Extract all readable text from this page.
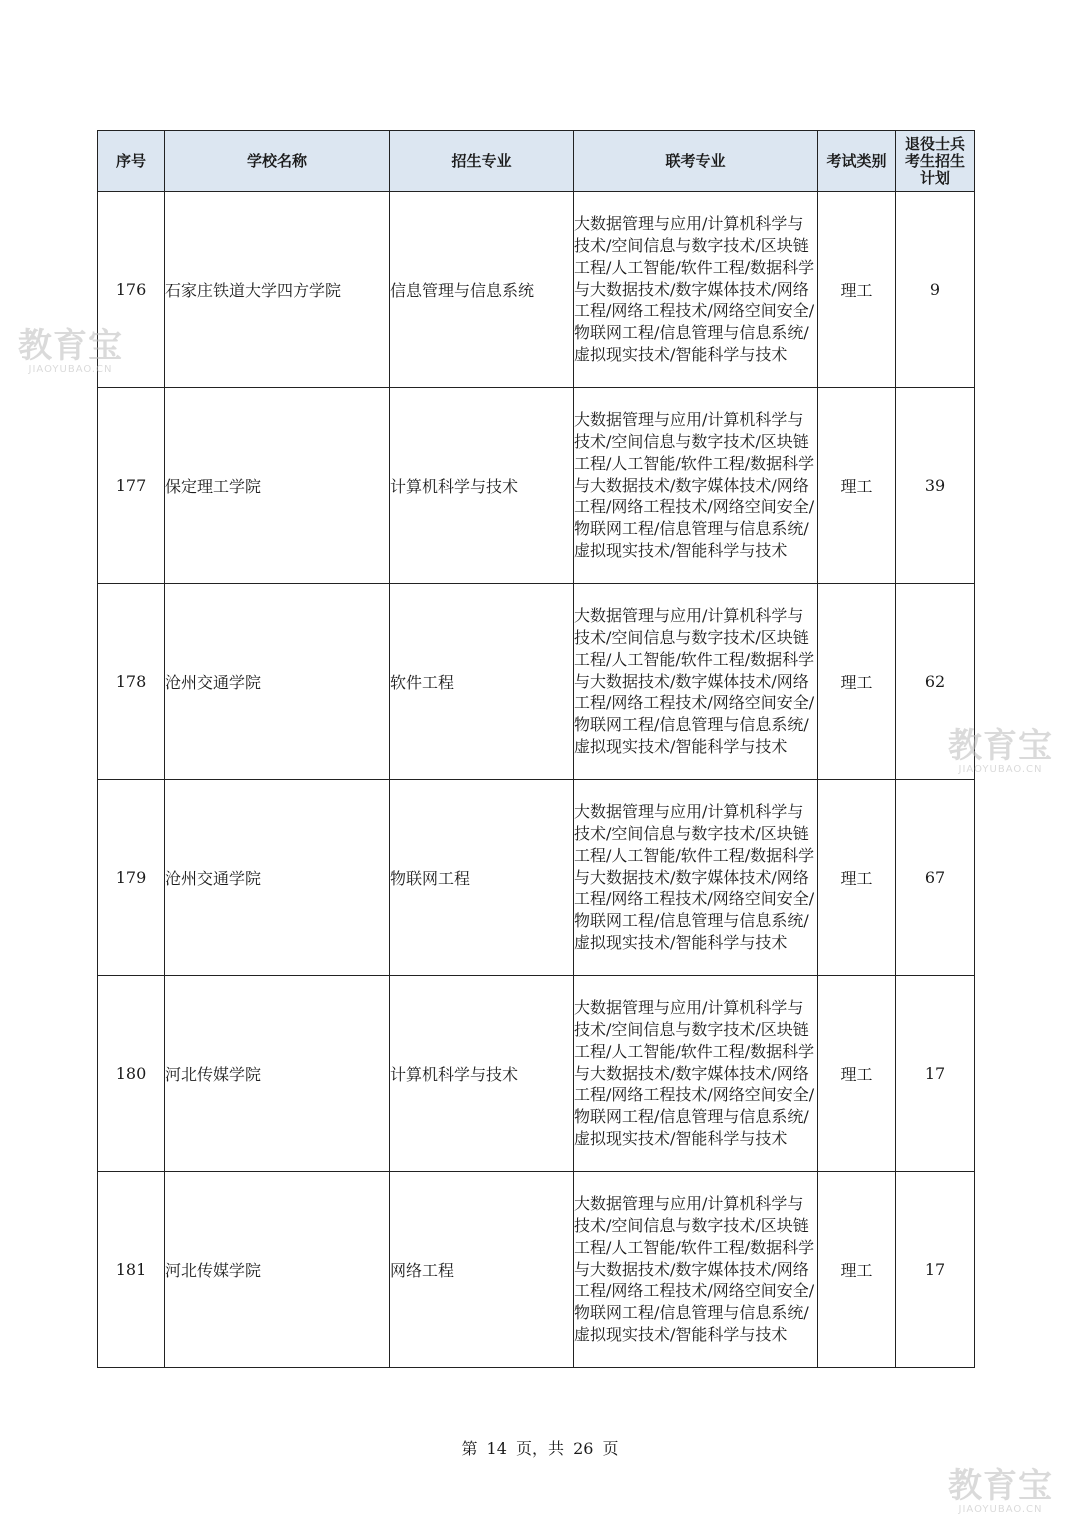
序号	学校名称	招生专业	联考专业	考试类别	退役士兵
考生招生
计划

176	石家庄铁道大学四方学院	信息管理与信息系统	大数据管理与应用/计算机科学与技术/空间信息与数字技术/区块链工程/人工智能/软件工程/数据科学与大数据技术/数字媒体技术/网络工程/网络工程技术/网络空间安全/物联网工程/信息管理与信息系统/虚拟现实技术/智能科学与技术	理工	9
177	保定理工学院	计算机科学与技术	大数据管理与应用/计算机科学与技术/空间信息与数字技术/区块链工程/人工智能/软件工程/数据科学与大数据技术/数字媒体技术/网络工程/网络工程技术/网络空间安全/物联网工程/信息管理与信息系统/虚拟现实技术/智能科学与技术	理工	39
178	沧州交通学院	软件工程	大数据管理与应用/计算机科学与技术/空间信息与数字技术/区块链工程/人工智能/软件工程/数据科学与大数据技术/数字媒体技术/网络工程/网络工程技术/网络空间安全/物联网工程/信息管理与信息系统/虚拟现实技术/智能科学与技术	理工	62
179	沧州交通学院	物联网工程	大数据管理与应用/计算机科学与技术/空间信息与数字技术/区块链工程/人工智能/软件工程/数据科学与大数据技术/数字媒体技术/网络工程/网络工程技术/网络空间安全/物联网工程/信息管理与信息系统/虚拟现实技术/智能科学与技术	理工	67
180	河北传媒学院	计算机科学与技术	大数据管理与应用/计算机科学与技术/空间信息与数字技术/区块链工程/人工智能/软件工程/数据科学与大数据技术/数字媒体技术/网络工程/网络工程技术/网络空间安全/物联网工程/信息管理与信息系统/虚拟现实技术/智能科学与技术	理工	17
181	河北传媒学院	网络工程	大数据管理与应用/计算机科学与技术/空间信息与数字技术/区块链工程/人工智能/软件工程/数据科学与大数据技术/数字媒体技术/网络工程/网络工程技术/网络空间安全/物联网工程/信息管理与信息系统/虚拟现实技术/智能科学与技术	理工	17
教育宝
JIAOYUBAO.CN
教育宝
JIAOYUBAO.CN
教育宝
JIAOYUBAO.CN
第 14 页，共 26 页
